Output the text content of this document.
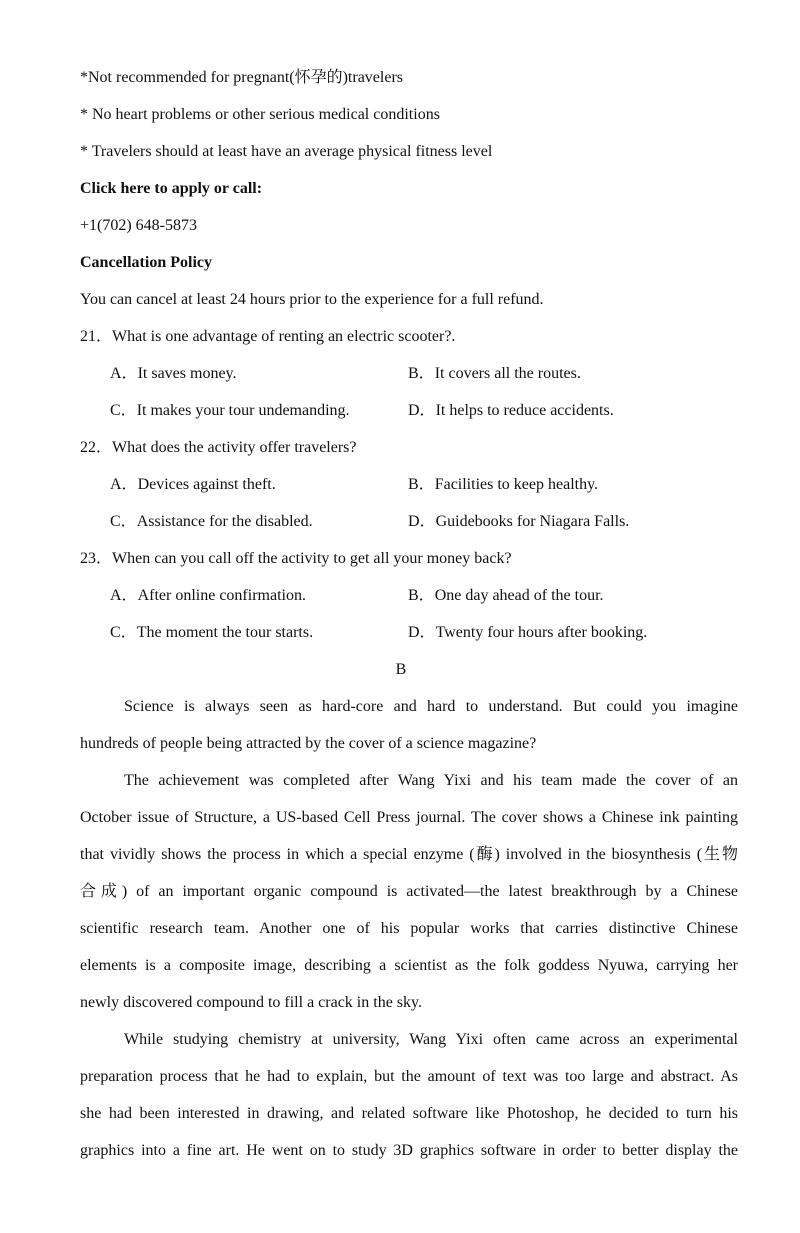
*Not recommended for pregnant(怀孕的)travelers
* No heart problems or other serious medical conditions
* Travelers should at least have an average physical fitness level
Click here to apply or call:
+1(702) 648-5873
Cancellation Policy
You can cancel at least 24 hours prior to the experience for a full refund.
21．What is one advantage of renting an electric scooter?.
A．It saves money.	B．It covers all the routes.
C．It makes your tour undemanding.	D．It helps to reduce accidents.
22．What does the activity offer travelers?
A．Devices against theft.	B．Facilities to keep healthy.
C．Assistance for the disabled.	D．Guidebooks for Niagara Falls.
23．When can you call off the activity to get all your money back?
A．After online confirmation.	B．One day ahead of the tour.
C．The moment the tour starts.	D．Twenty four hours after booking.
B
Science is always seen as hard-core and hard to understand. But could you imagine
hundreds of people being attracted by the cover of a science magazine?
The achievement was completed after Wang Yixi and his team made the cover of an
October issue of Structure, a US-based Cell Press journal. The cover shows a Chinese ink painting
that vividly shows the process in which a special enzyme (酶) involved in the biosynthesis (生物
合成) of an important organic compound is activated—the latest breakthrough by a Chinese
scientific research team. Another one of his popular works that carries distinctive Chinese
elements is a composite image, describing a scientist as the folk goddess Nyuwa, carrying her
newly discovered compound to fill a crack in the sky.
While studying chemistry at university, Wang Yixi often came across an experimental
preparation process that he had to explain, but the amount of text was too large and abstract. As
she had been interested in drawing, and related software like Photoshop, he decided to turn his
graphics into a fine art. He went on to study 3D graphics software in order to better display the
